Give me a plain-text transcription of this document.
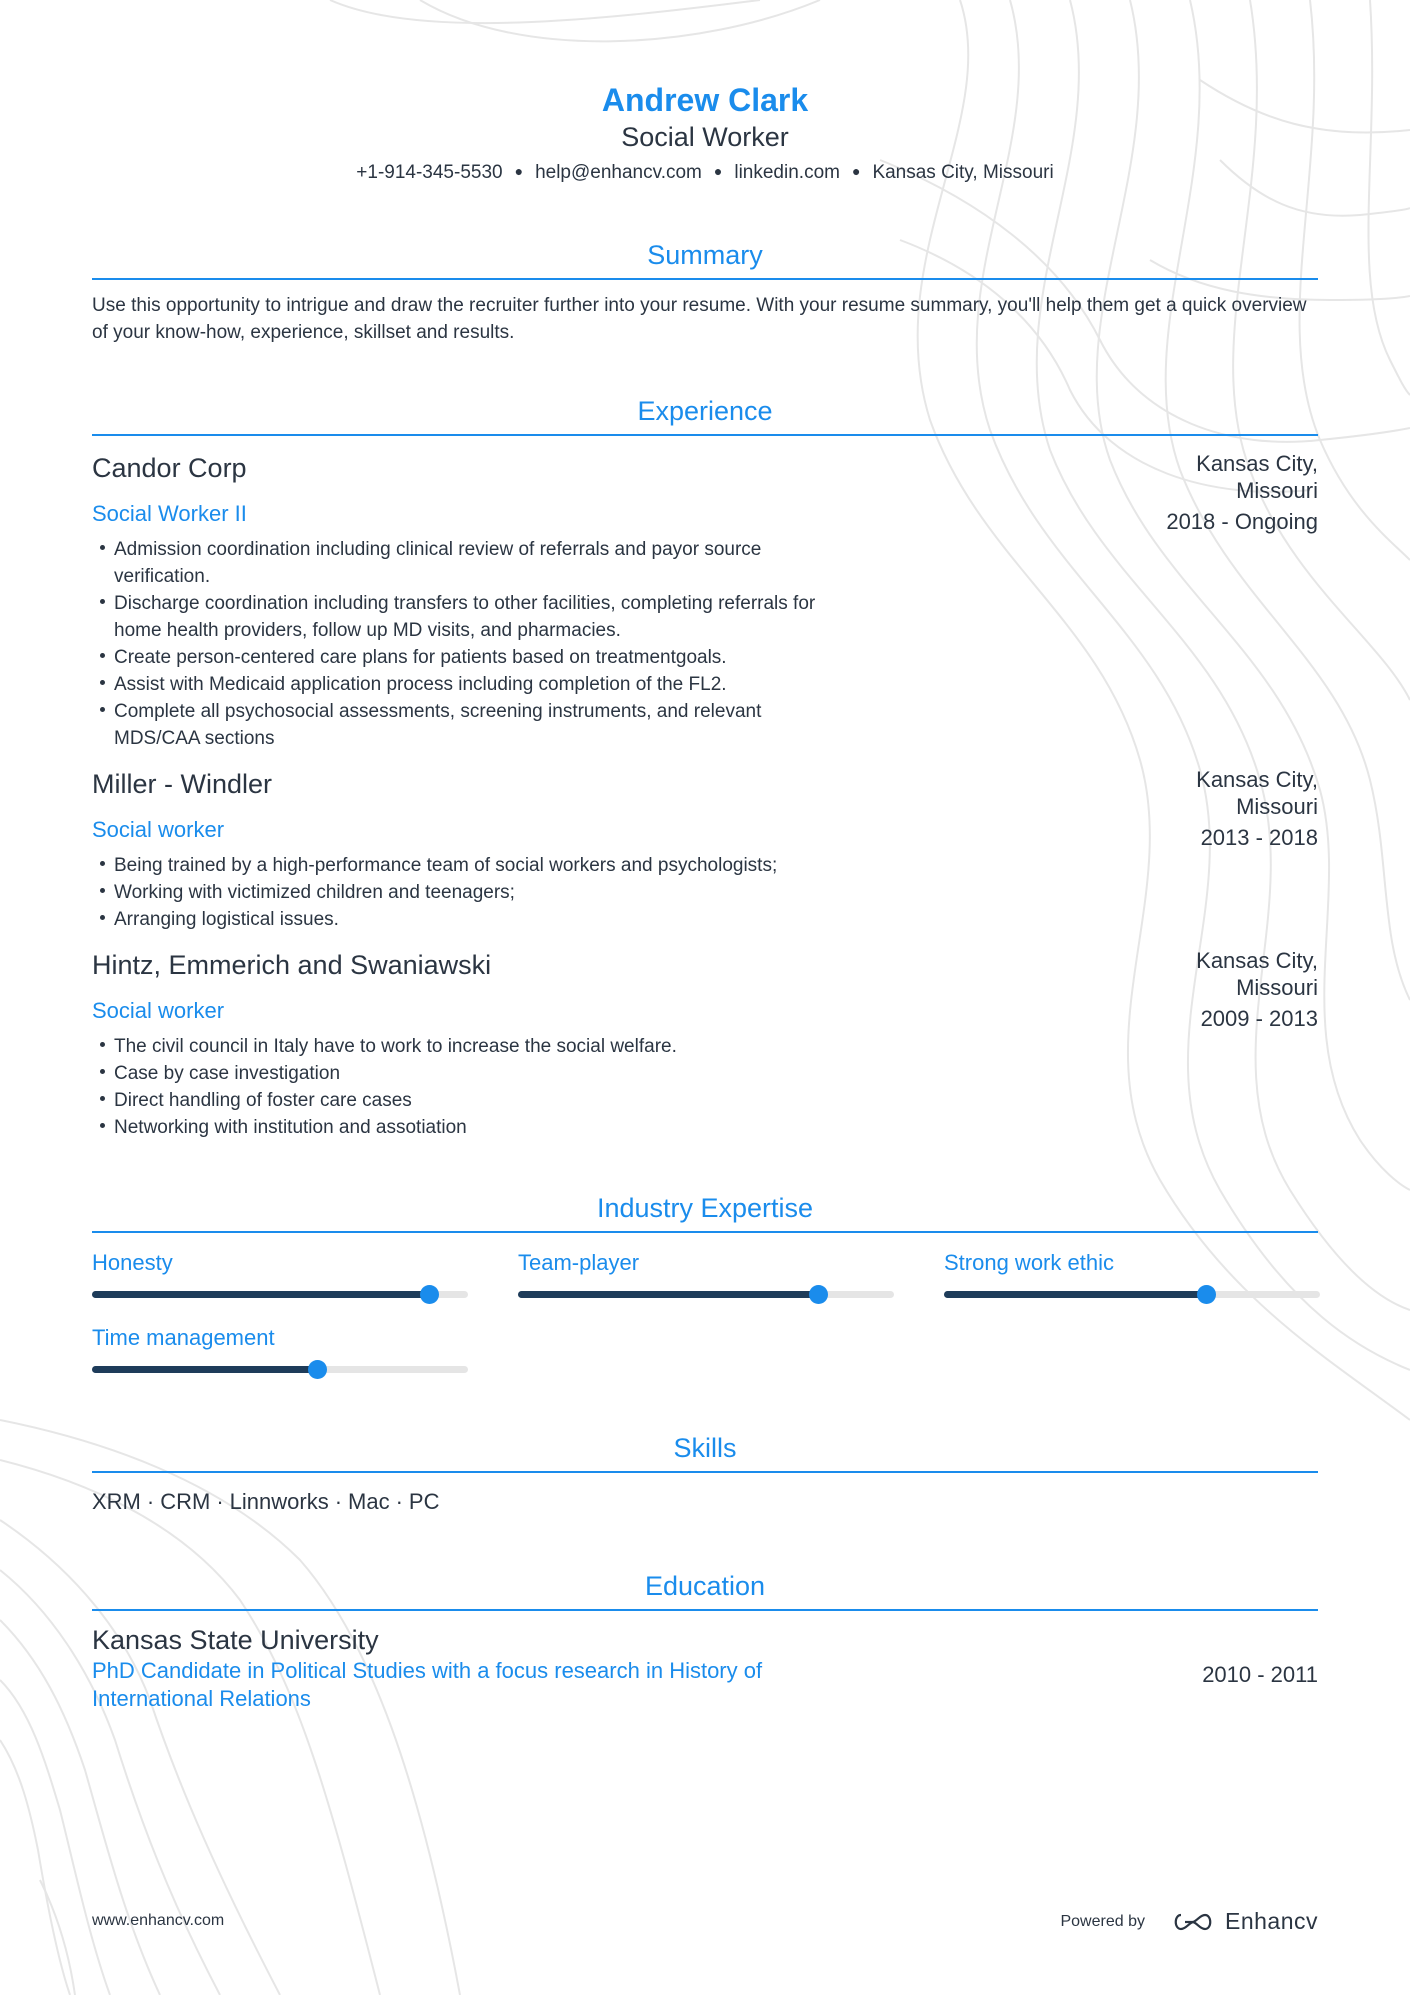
Andrew Clark
Social Worker
+1-914-345-5530 ● help@enhancv.com ● linkedin.com ● Kansas City, Missouri
Summary
Use this opportunity to intrigue and draw the recruiter further into your resume. With your resume summary, you'll help them get a quick overview of your know-how, experience, skillset and results.
Experience
Candor Corp
Social Worker II
Kansas City, Missouri
2018 - Ongoing
Admission coordination including clinical review of referrals and payor source verification.
Discharge coordination including transfers to other facilities, completing referrals for home health providers, follow up MD visits, and pharmacies.
Create person-centered care plans for patients based on treatmentgoals.
Assist with Medicaid application process including completion of the FL2.
Complete all psychosocial assessments, screening instruments, and relevant MDS/CAA sections
Miller - Windler
Social worker
Kansas City, Missouri
2013 - 2018
Being trained by a high-performance team of social workers and psychologists;
Working with victimized children and teenagers;
Arranging logistical issues.
Hintz, Emmerich and Swaniawski
Social worker
Kansas City, Missouri
2009 - 2013
The civil council in Italy have to work to increase the social welfare.
Case by case investigation
Direct handling of foster care cases
Networking with institution and assotiation
Industry Expertise
Honesty	Team-player	Strong work ethic
Time management
Skills
XRM · CRM · Linnworks · Mac · PC
Education
Kansas State University
PhD Candidate in Political Studies with a focus research in History of International Relations
2010 - 2011
www.enhancv.com	Powered by	Enhancv
